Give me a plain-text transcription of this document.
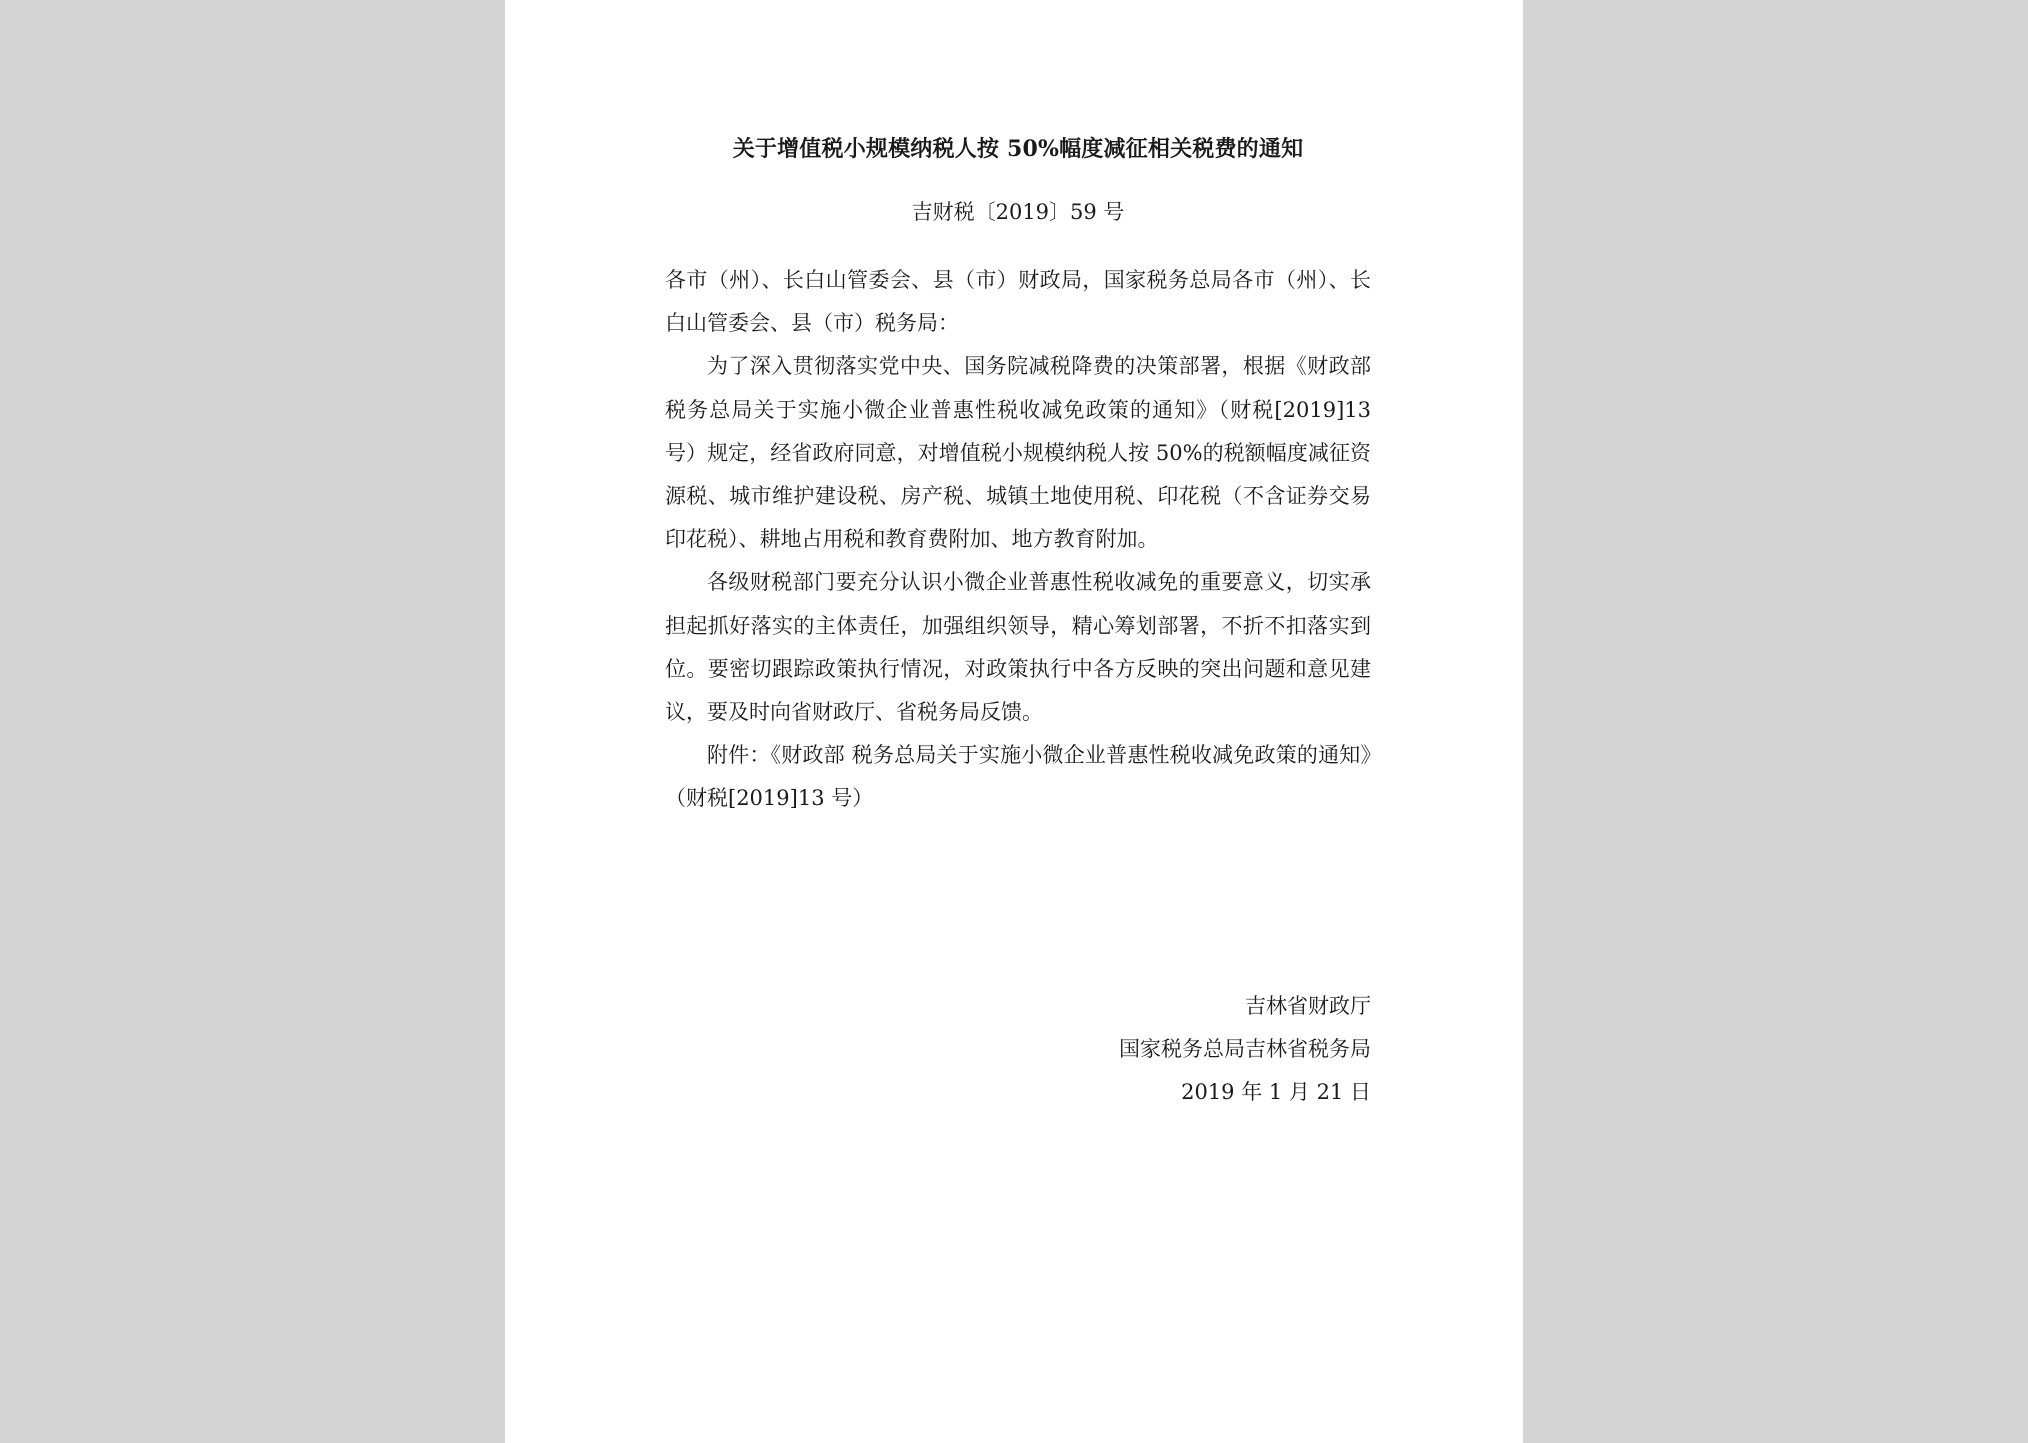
关于增值税小规模纳税人按 50%幅度减征相关税费的通知
吉财税〔2019〕59 号

各市（州）、长白山管委会、县（市）财政局，国家税务总局各市（州）、长白山管委会、县（市）税务局：

为了深入贯彻落实党中央、国务院减税降费的决策部署，根据《财政部 税务总局关于实施小微企业普惠性税收减免政策的通知》（财税[2019]13 号）规定，经省政府同意，对增值税小规模纳税人按 50%的税额幅度减征资源税、城市维护建设税、房产税、城镇土地使用税、印花税（不含证券交易印花税）、耕地占用税和教育费附加、地方教育附加。

各级财税部门要充分认识小微企业普惠性税收减免的重要意义，切实承担起抓好落实的主体责任，加强组织领导，精心筹划部署，不折不扣落实到位。要密切跟踪政策执行情况，对政策执行中各方反映的突出问题和意见建议，要及时向省财政厅、省税务局反馈。

附件：《财政部 税务总局关于实施小微企业普惠性税收减免政策的通知》（财税[2019]13 号）

吉林省财政厅
国家税务总局吉林省税务局
2019 年 1 月 21 日
